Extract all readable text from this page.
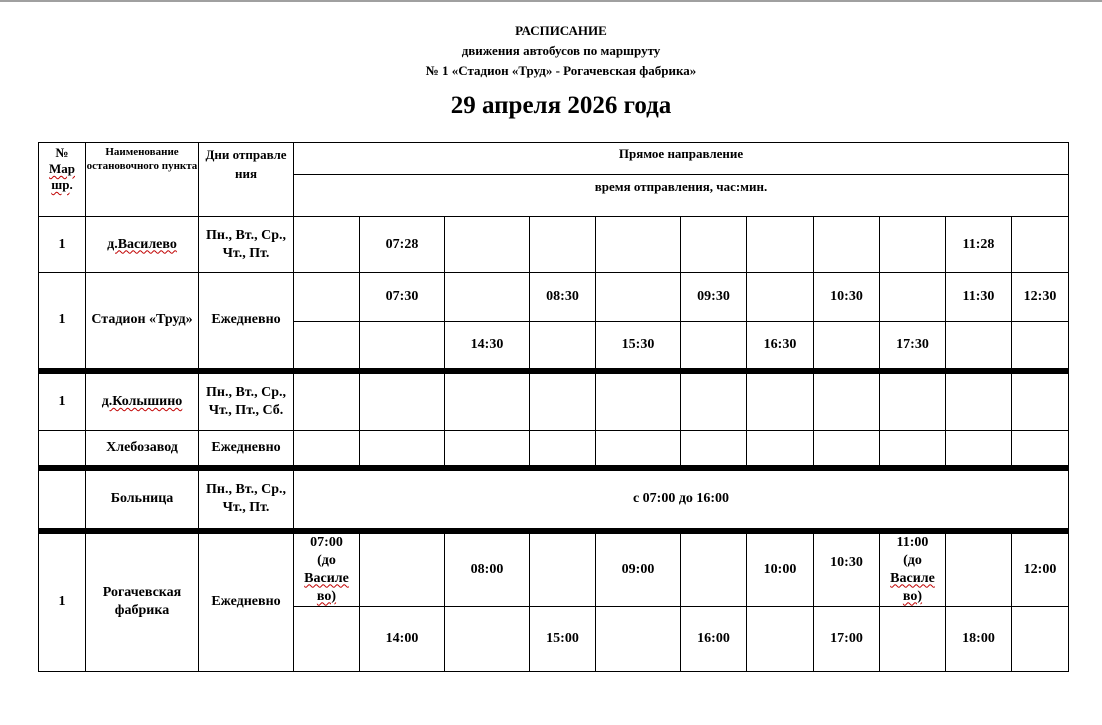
РАСПИСАНИЕ
движения автобусов по маршруту
№ 1 «Стадион «Труд» - Рогачевская фабрика»
29 апреля 2026 года
№
Мар
шр.	Наименование остановочного пункта	Дни отправле ния	Прямое направление										
			время отправления, час:мин.										
1	д.Василево	Пн., Вт., Ср., Чт., Пт.		07:28								11:28	
1	Стадион «Труд»	Ежедневно		07:30		08:30		09:30		10:30		11:30	12:30
					14:30		15:30		16:30		17:30		
1	д.Колышино	Пн., Вт., Ср., Чт., Пт., Сб.											
	Хлебозавод	Ежедневно											
	Больница	Пн., Вт., Ср., Чт., Пт.	с 07:00 до 16:00										
1	Рогачевская фабрика	Ежедневно	07:00
(до
Василе
во)		08:00		09:00		10:00	10:30	11:00
(до
Василе
во)		12:00
				14:00		15:00		16:00		17:00		18:00	
